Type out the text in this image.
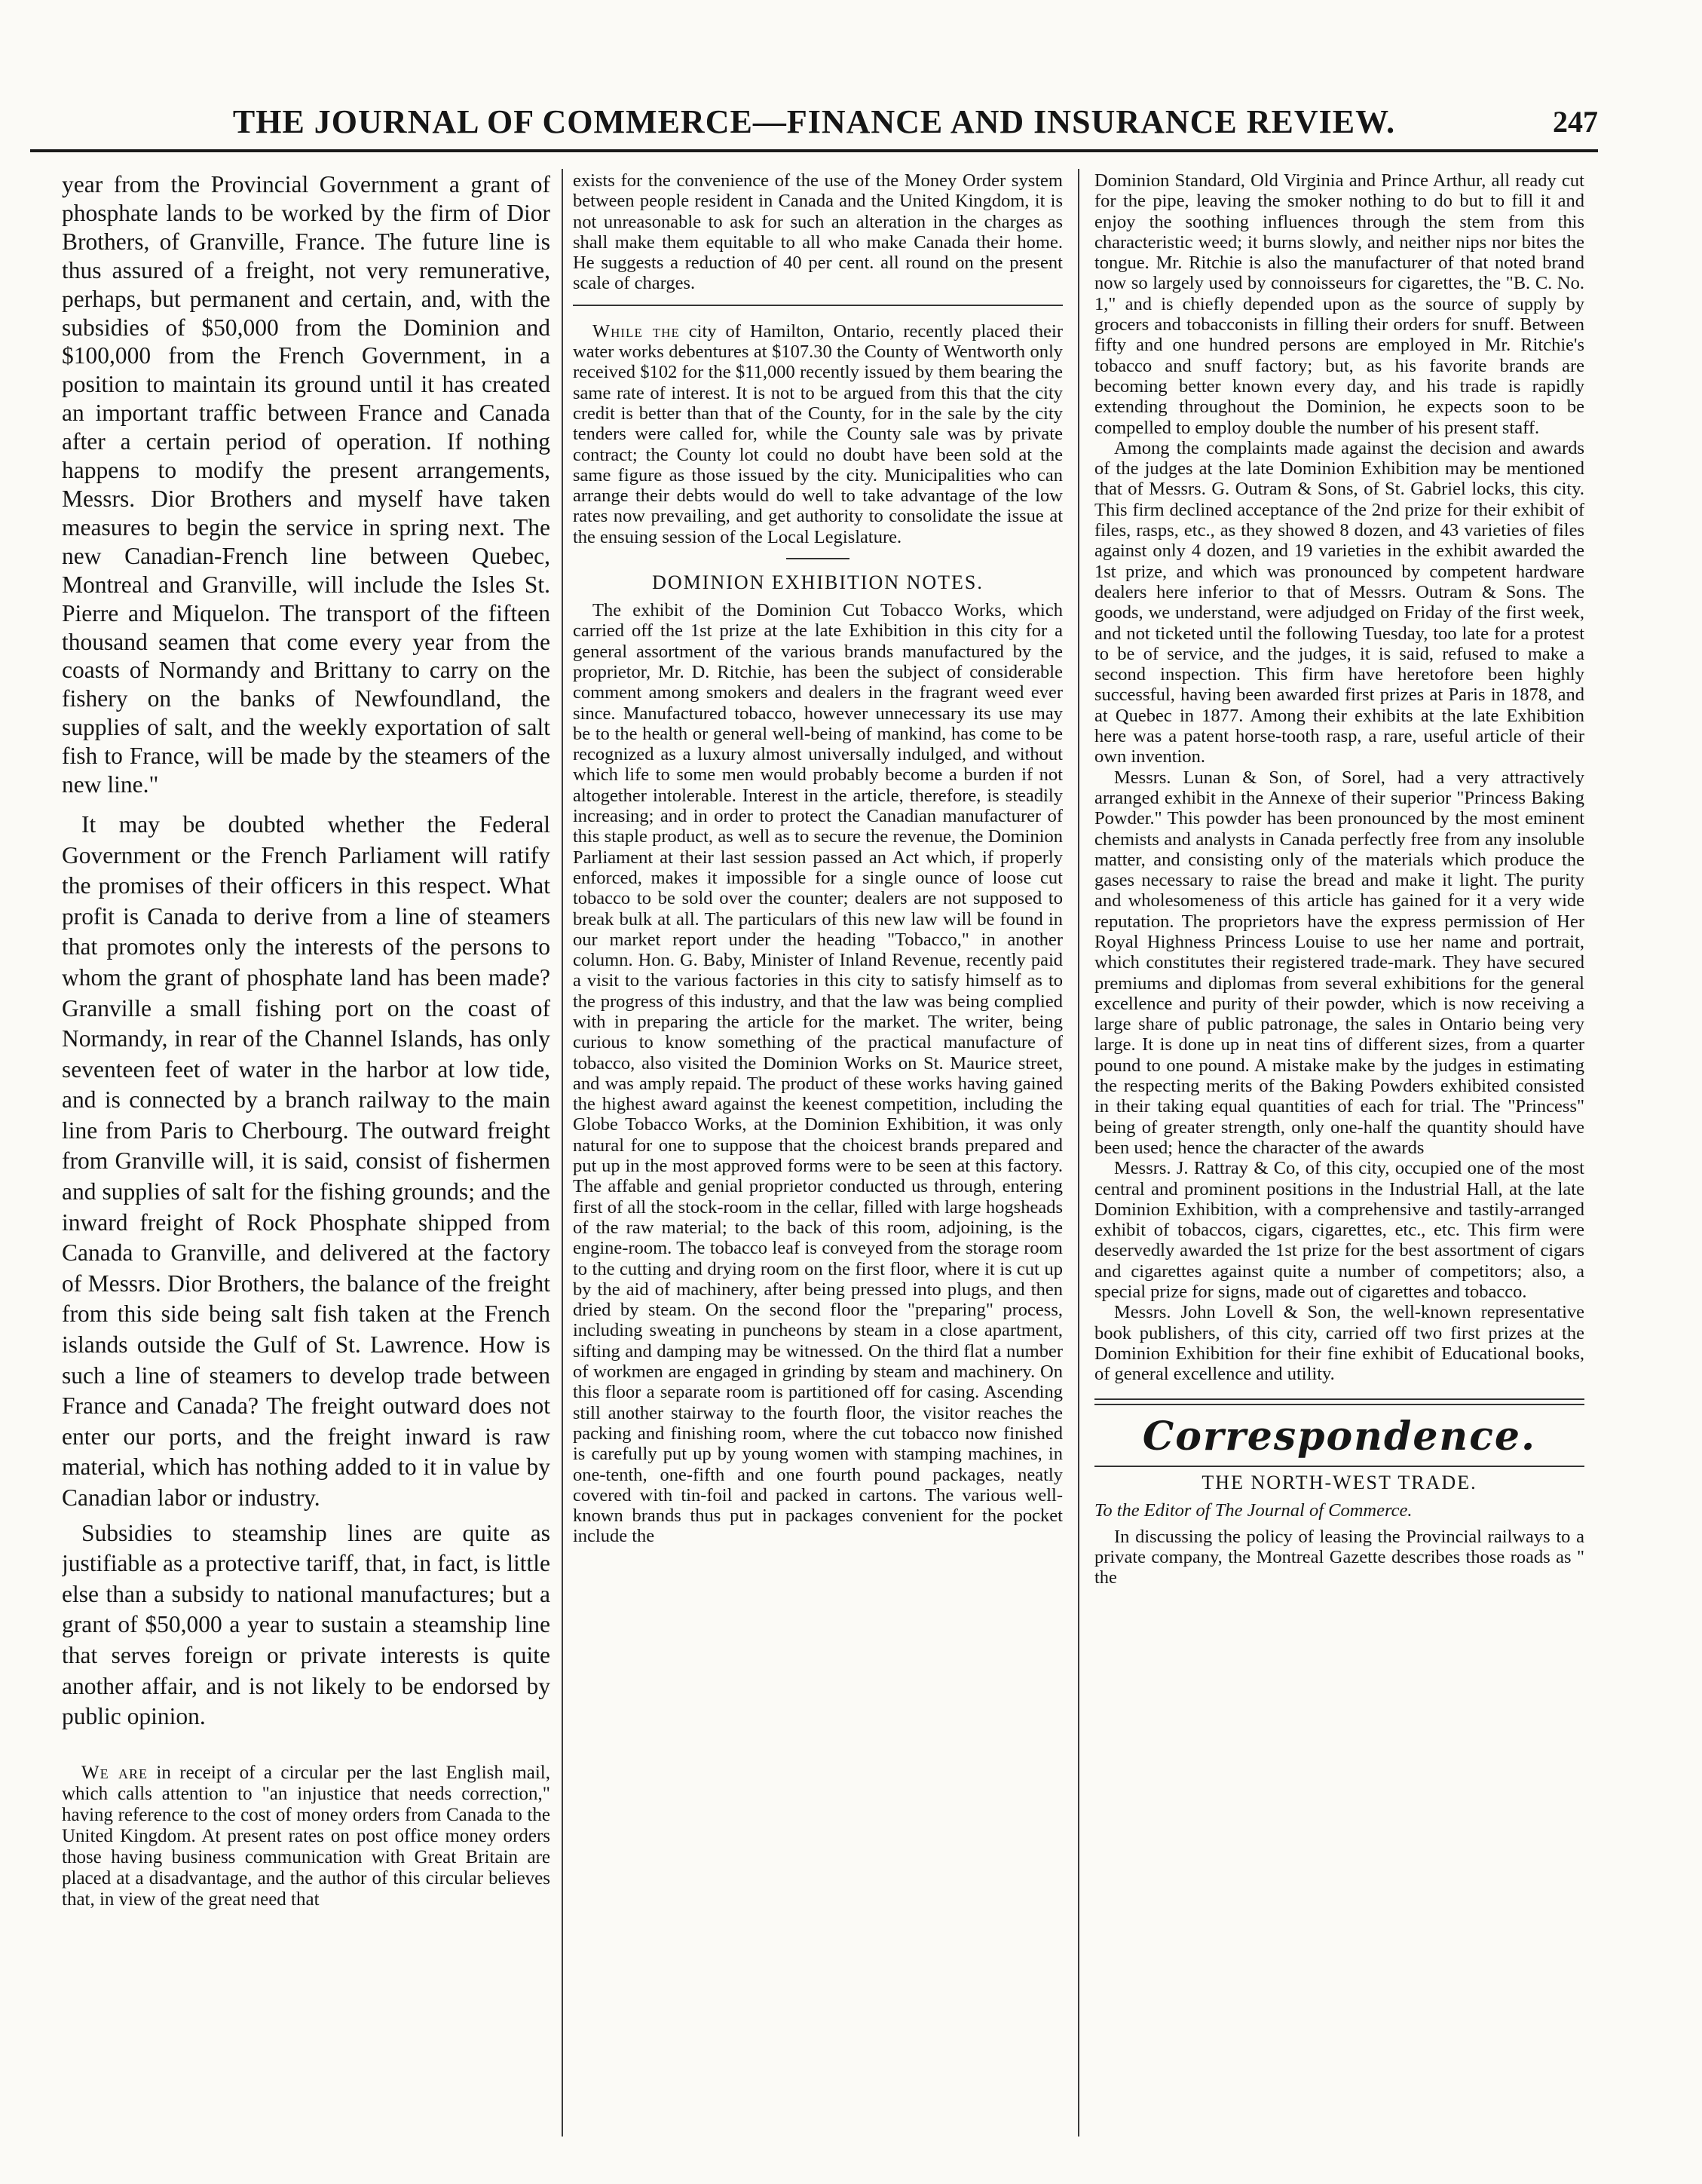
THE JOURNAL OF COMMERCE—FINANCE AND INSURANCE REVIEW.	247

year from the Provincial Government a grant of phosphate lands to be worked by the firm of Dior Brothers, of Granville, France. The future line is thus assured of a freight, not very remunerative, perhaps, but permanent and certain, and, with the subsidies of $50,000 from the Dominion and $100,000 from the French Government, in a position to maintain its ground until it has created an important traffic between France and Canada after a certain period of operation. If nothing happens to modify the present arrangements, Messrs. Dior Brothers and myself have taken measures to begin the service in spring next. The new Canadian-French line between Quebec, Montreal and Granville, will include the Isles St. Pierre and Miquelon. The transport of the fifteen thousand seamen that come every year from the coasts of Normandy and Brittany to carry on the fishery on the banks of Newfoundland, the supplies of salt, and the weekly exportation of salt fish to France, will be made by the steamers of the new line."

It may be doubted whether the Federal Government or the French Parliament will ratify the promises of their officers in this respect. What profit is Canada to derive from a line of steamers that promotes only the interests of the persons to whom the grant of phosphate land has been made? Granville a small fishing port on the coast of Normandy, in rear of the Channel Islands, has only seventeen feet of water in the harbor at low tide, and is connected by a branch railway to the main line from Paris to Cherbourg. The outward freight from Granville will, it is said, consist of fishermen and supplies of salt for the fishing grounds; and the inward freight of Rock Phosphate shipped from Canada to Granville, and delivered at the factory of Messrs. Dior Brothers, the balance of the freight from this side being salt fish taken at the French islands outside the Gulf of St. Lawrence. How is such a line of steamers to develop trade between France and Canada? The freight outward does not enter our ports, and the freight inward is raw material, which has nothing added to it in value by Canadian labor or industry.

Subsidies to steamship lines are quite as justifiable as a protective tariff, that, in fact, is little else than a subsidy to national manufactures; but a grant of $50,000 a year to sustain a steamship line that serves foreign or private interests is quite another affair, and is not likely to be endorsed by public opinion.

We are in receipt of a circular per the last English mail, which calls attention to "an injustice that needs correction," having reference to the cost of money orders from Canada to the United Kingdom. At present rates on post office money orders those having business communication with Great Britain are placed at a disadvantage, and the author of this circular believes that, in view of the great need that

exists for the convenience of the use of the Money Order system between people resident in Canada and the United Kingdom, it is not unreasonable to ask for such an alteration in the charges as shall make them equitable to all who make Canada their home. He suggests a reduction of 40 per cent. all round on the present scale of charges.

While the city of Hamilton, Ontario, recently placed their water works debentures at $107.30 the County of Wentworth only received $102 for the $11,000 recently issued by them bearing the same rate of interest. It is not to be argued from this that the city credit is better than that of the County, for in the sale by the city tenders were called for, while the County sale was by private contract; the County lot could no doubt have been sold at the same figure as those issued by the city. Municipalities who can arrange their debts would do well to take advantage of the low rates now prevailing, and get authority to consolidate the issue at the ensuing session of the Local Legislature.

DOMINION EXHIBITION NOTES.

The exhibit of the Dominion Cut Tobacco Works, which carried off the 1st prize at the late Exhibition in this city for a general assortment of the various brands manufactured by the proprietor, Mr. D. Ritchie, has been the subject of considerable comment among smokers and dealers in the fragrant weed ever since. Manufactured tobacco, however unnecessary its use may be to the health or general well-being of mankind, has come to be recognized as a luxury almost universally indulged, and without which life to some men would probably become a burden if not altogether intolerable. Interest in the article, therefore, is steadily increasing; and in order to protect the Canadian manufacturer of this staple product, as well as to secure the revenue, the Dominion Parliament at their last session passed an Act which, if properly enforced, makes it impossible for a single ounce of loose cut tobacco to be sold over the counter; dealers are not supposed to break bulk at all. The particulars of this new law will be found in our market report under the heading "Tobacco," in another column. Hon. G. Baby, Minister of Inland Revenue, recently paid a visit to the various factories in this city to satisfy himself as to the progress of this industry, and that the law was being complied with in preparing the article for the market. The writer, being curious to know something of the practical manufacture of tobacco, also visited the Dominion Works on St. Maurice street, and was amply repaid. The product of these works having gained the highest award against the keenest competition, including the Globe Tobacco Works, at the Dominion Exhibition, it was only natural for one to suppose that the choicest brands prepared and put up in the most approved forms were to be seen at this factory. The affable and genial proprietor conducted us through, entering first of all the stock-room in the cellar, filled with large hogsheads of the raw material; to the back of this room, adjoining, is the engine-room. The tobacco leaf is conveyed from the storage room to the cutting and drying room on the first floor, where it is cut up by the aid of machinery, after being pressed into plugs, and then dried by steam. On the second floor the "preparing" process, including sweating in puncheons by steam in a close apartment, sifting and damping may be witnessed. On the third flat a number of workmen are engaged in grinding by steam and machinery. On this floor a separate room is partitioned off for casing. Ascending still another stairway to the fourth floor, the visitor reaches the packing and finishing room, where the cut tobacco now finished is carefully put up by young women with stamping machines, in one-tenth, one-fifth and one fourth pound packages, neatly covered with tin-foil and packed in cartons. The various well-known brands thus put in packages convenient for the pocket include the

Dominion Standard, Old Virginia and Prince Arthur, all ready cut for the pipe, leaving the smoker nothing to do but to fill it and enjoy the soothing influences through the stem from this characteristic weed; it burns slowly, and neither nips nor bites the tongue. Mr. Ritchie is also the manufacturer of that noted brand now so largely used by connoisseurs for cigarettes, the "B. C. No. 1," and is chiefly depended upon as the source of supply by grocers and tobacconists in filling their orders for snuff. Between fifty and one hundred persons are employed in Mr. Ritchie's tobacco and snuff factory; but, as his favorite brands are becoming better known every day, and his trade is rapidly extending throughout the Dominion, he expects soon to be compelled to employ double the number of his present staff.

Among the complaints made against the decision and awards of the judges at the late Dominion Exhibition may be mentioned that of Messrs. G. Outram & Sons, of St. Gabriel locks, this city. This firm declined acceptance of the 2nd prize for their exhibit of files, rasps, etc., as they showed 8 dozen, and 43 varieties of files against only 4 dozen, and 19 varieties in the exhibit awarded the 1st prize, and which was pronounced by competent hardware dealers here inferior to that of Messrs. Outram & Sons. The goods, we understand, were adjudged on Friday of the first week, and not ticketed until the following Tuesday, too late for a protest to be of service, and the judges, it is said, refused to make a second inspection. This firm have heretofore been highly successful, having been awarded first prizes at Paris in 1878, and at Quebec in 1877. Among their exhibits at the late Exhibition here was a patent horse-tooth rasp, a rare, useful article of their own invention.

Messrs. Lunan & Son, of Sorel, had a very attractively arranged exhibit in the Annexe of their superior "Princess Baking Powder." This powder has been pronounced by the most eminent chemists and analysts in Canada perfectly free from any insoluble matter, and consisting only of the materials which produce the gases necessary to raise the bread and make it light. The purity and wholesomeness of this article has gained for it a very wide reputation. The proprietors have the express permission of Her Royal Highness Princess Louise to use her name and portrait, which constitutes their registered trade-mark. They have secured premiums and diplomas from several exhibitions for the general excellence and purity of their powder, which is now receiving a large share of public patronage, the sales in Ontario being very large. It is done up in neat tins of different sizes, from a quarter pound to one pound. A mistake make by the judges in estimating the respecting merits of the Baking Powders exhibited consisted in their taking equal quantities of each for trial. The "Princess" being of greater strength, only one-half the quantity should have been used; hence the character of the awards

Messrs. J. Rattray & Co, of this city, occupied one of the most central and prominent positions in the Industrial Hall, at the late Dominion Exhibition, with a comprehensive and tastily-arranged exhibit of tobaccos, cigars, cigarettes, etc., etc. This firm were deservedly awarded the 1st prize for the best assortment of cigars and cigarettes against quite a number of competitors; also, a special prize for signs, made out of cigarettes and tobacco.

Messrs. John Lovell & Son, the well-known representative book publishers, of this city, carried off two first prizes at the Dominion Exhibition for their fine exhibit of Educational books, of general excellence and utility.

Correspondence.
THE NORTH-WEST TRADE.

To the Editor of The Journal of Commerce.

In discussing the policy of leasing the Provincial railways to a private company, the Montreal Gazette describes those roads as " the
